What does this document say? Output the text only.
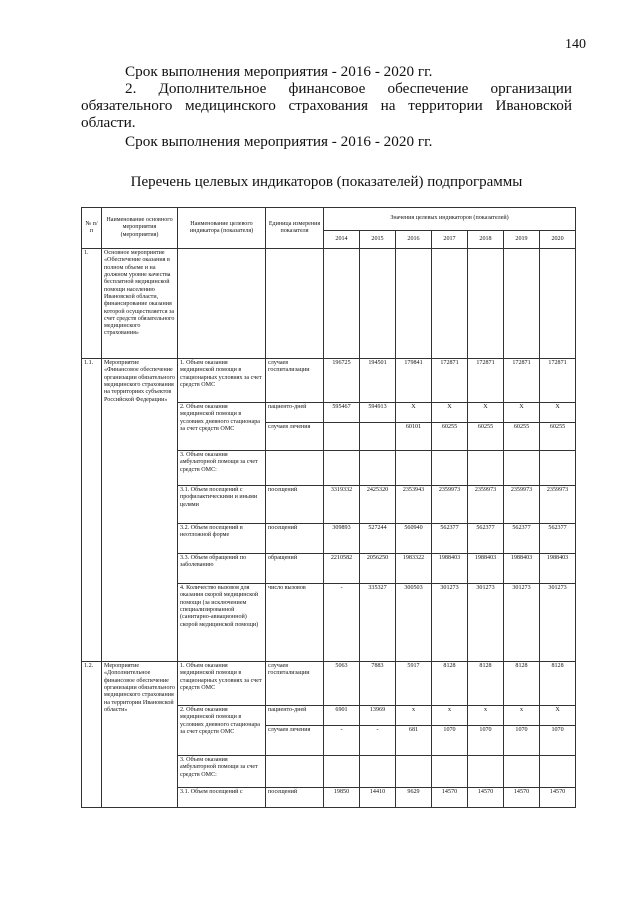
140
Срок выполнения мероприятия - 2016 - 2020 гг.
2. Дополнительное финансовое обеспечение организации
обязательного медицинского страхования на территории Ивановской
области.
Срок выполнения мероприятия - 2016 - 2020 гг.
Перечень целевых индикаторов (показателей) подпрограммы
№ п/п	Наименование основного мероприятия (мероприятия)	Наименование целевого индикатора (показателя)	Единица измерения показателя	Значения целевых индикаторов (показателей)						
				2014	2015	2016	2017	2018	2019	2020
1.	Основное мероприятие «Обеспечение оказания в полном объеме и на должном уровне качества бесплатной медицинской помощи населению Ивановской области, финансирование оказания которой осуществляется за счет средств обязательного медицинского страхования»									
1.1.	Мероприятие «Финансовое обеспечение организации обязательного медицинского страхования на территориях субъектов Российской Федерации»	1. Объем оказания медицинской помощи в стационарных условиях за счет средств ОМС	случаев госпитализации	196725	194501	179841	172871	172871	172871	172871
		2. Объем оказания медицинской помощи в условиях дневного стационара за счет средств ОМС	пациенто-дней	595467	594913	X	X	X	X	X
			случаев лечения			60101	60255	60255	60255	60255
		3. Объем оказания амбулаторной помощи за счет средств ОМС:								
		3.1. Объем посещений с профилактическими и иными целями	посещений	3319332	2425320	2353943	2359973	2359973	2359973	2359973
		3.2. Объем посещений в неотложной форме	посещений	309893	527244	560940	562377	562377	562377	562377
		3.3. Объем обращений по заболеванию	обращений	2210582	2056250	1983322	1988403	1988403	1988403	1988403
		4. Количество вызовов для оказания скорой медицинской помощи (за исключением специализированной (санитарно-авиационной) скорой медицинской помощи)	число вызовов	-	335327	300503	301273	301273	301273	301273
1.2.	Мероприятие «Дополнительное финансовое обеспечение организации обязательного медицинского страхования на территории Ивановской области»	1. Объем оказания медицинской помощи в стационарных условиях за счет средств ОМС	случаев госпитализации	5063	7883	5917	8128	8128	8128	8128
		2. Объем оказания медицинской помощи в условиях дневного стационара за счет средств ОМС	пациенто-дней	6901	13969	x	x	x	x	X
			случаев лечения	-	-	681	1070	1070	1070	1070
		3. Объем оказания амбулаторной помощи за счет средств ОМС:								
		3.1. Объем посещений с	посещений	19850	14410	9629	14570	14570	14570	14570
